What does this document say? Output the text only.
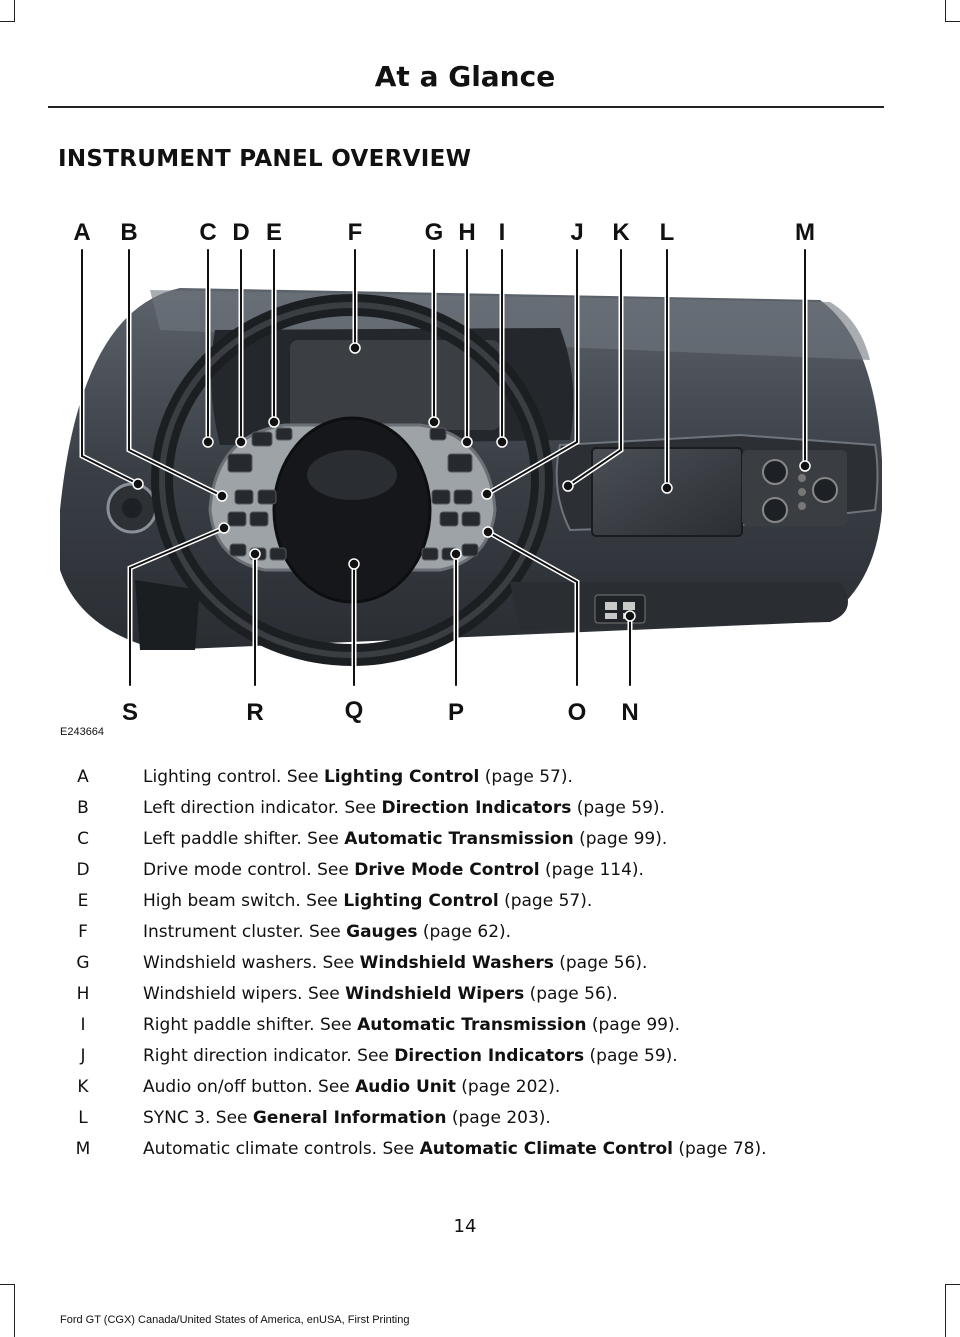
At a Glance
INSTRUMENT PANEL OVERVIEW
A B	C D E	F	G H I	J K L	M
S	R	Q	P	O N
E243664
A	Lighting control. See Lighting Control (page 57).
B	Left direction indicator. See Direction Indicators (page 59).
C	Left paddle shifter. See Automatic Transmission (page 99).
D	Drive mode control. See Drive Mode Control (page 114).
E	High beam switch. See Lighting Control (page 57).
F	Instrument cluster. See Gauges (page 62).
G	Windshield washers. See Windshield Washers (page 56).
H	Windshield wipers. See Windshield Wipers (page 56).
I	Right paddle shifter. See Automatic Transmission (page 99).
J	Right direction indicator. See Direction Indicators (page 59).
K	Audio on/off button. See Audio Unit (page 202).
L	SYNC 3. See General Information (page 203).
M	Automatic climate controls. See Automatic Climate Control (page 78).
14
Ford GT (CGX) Canada/United States of America, enUSA, First Printing
